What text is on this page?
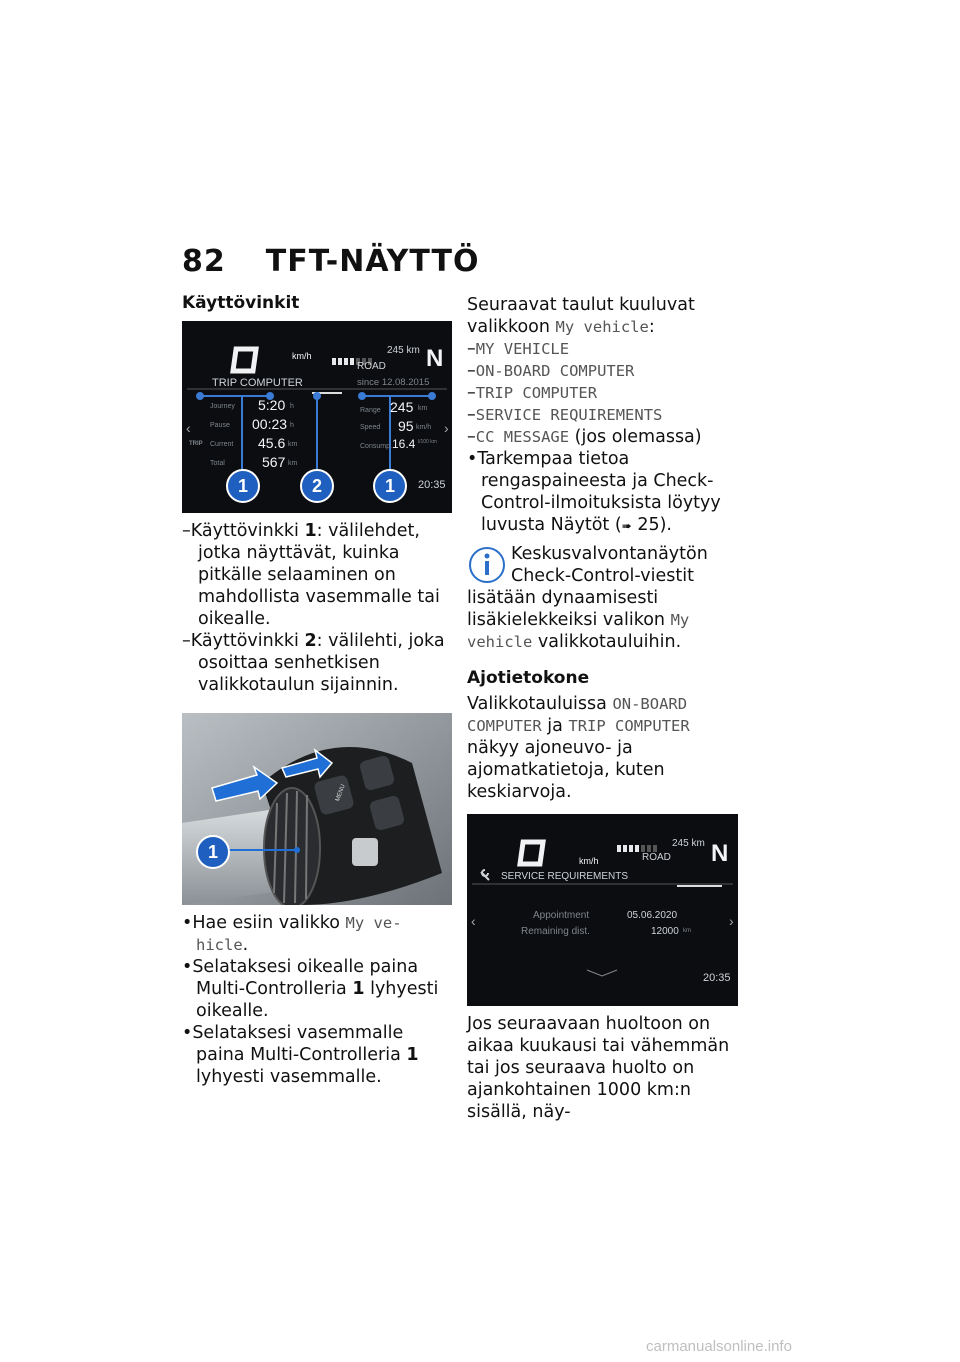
82 TFT-NÄYTTÖ

Käyttövinkit

‹	›
km/h	245 km
ROAD N
TRIP COMPUTER	since 12.08.2015
Journey 5:20 h
Pause 00:23 h
TRIP Current 45.6 km
Total	567 km
Range 245 km
Speed 95 km/h
Consump. 16.4 l/100 km
20:35
1	2	1

–Käyttövinkki 1: välilehdet, jotka näyttävät, kuinka pitkälle selaaminen on mahdollista vasemmalle tai oikealle.

–Käyttövinkki 2: välilehti, joka osoittaa senhetkisen valikkotaulun sijainnin.

MENU
1

•Hae esiin valikko My ve-
hicle.

•Selataksesi oikealle paina Multi-Controlleria 1 lyhyesti oikealle.

•Selataksesi vasemmalle paina Multi-Controlleria 1 lyhyesti vasemmalle.

Seuraavat taulut kuuluvat valikkoon My vehicle:

–MY VEHICLE
–ON-BOARD COMPUTER
–TRIP COMPUTER
–SERVICE REQUIREMENTS
–CC MESSAGE (jos olemassa)

•Tarkempaa tietoa rengaspaineesta ja Check-Control-ilmoituksista löytyy luvusta Näytöt (➠ 25).

Keskusvalvontanäytön Check-Control-viestit lisätään dynaamisesti lisäkielekkeiksi valikon My vehicle valikkotauluihin.

Ajotietokone

Valikkotauluissa ON-BOARD COMPUTER ja TRIP COMPUTER näkyy ajoneuvo- ja ajomatkatietoja, kuten keskiarvoja.

‹	›
km/h
245 km
ROAD N
SERVICE REQUIREMENTS
Appointment	05.06.2020
Remaining dist.	12000 km
20:35

Jos seuraavaan huoltoon on aikaa kuukausi tai vähemmän tai jos seuraava huolto on ajankohtainen 1000 km:n sisällä, näy-

carmanualsonline.info
